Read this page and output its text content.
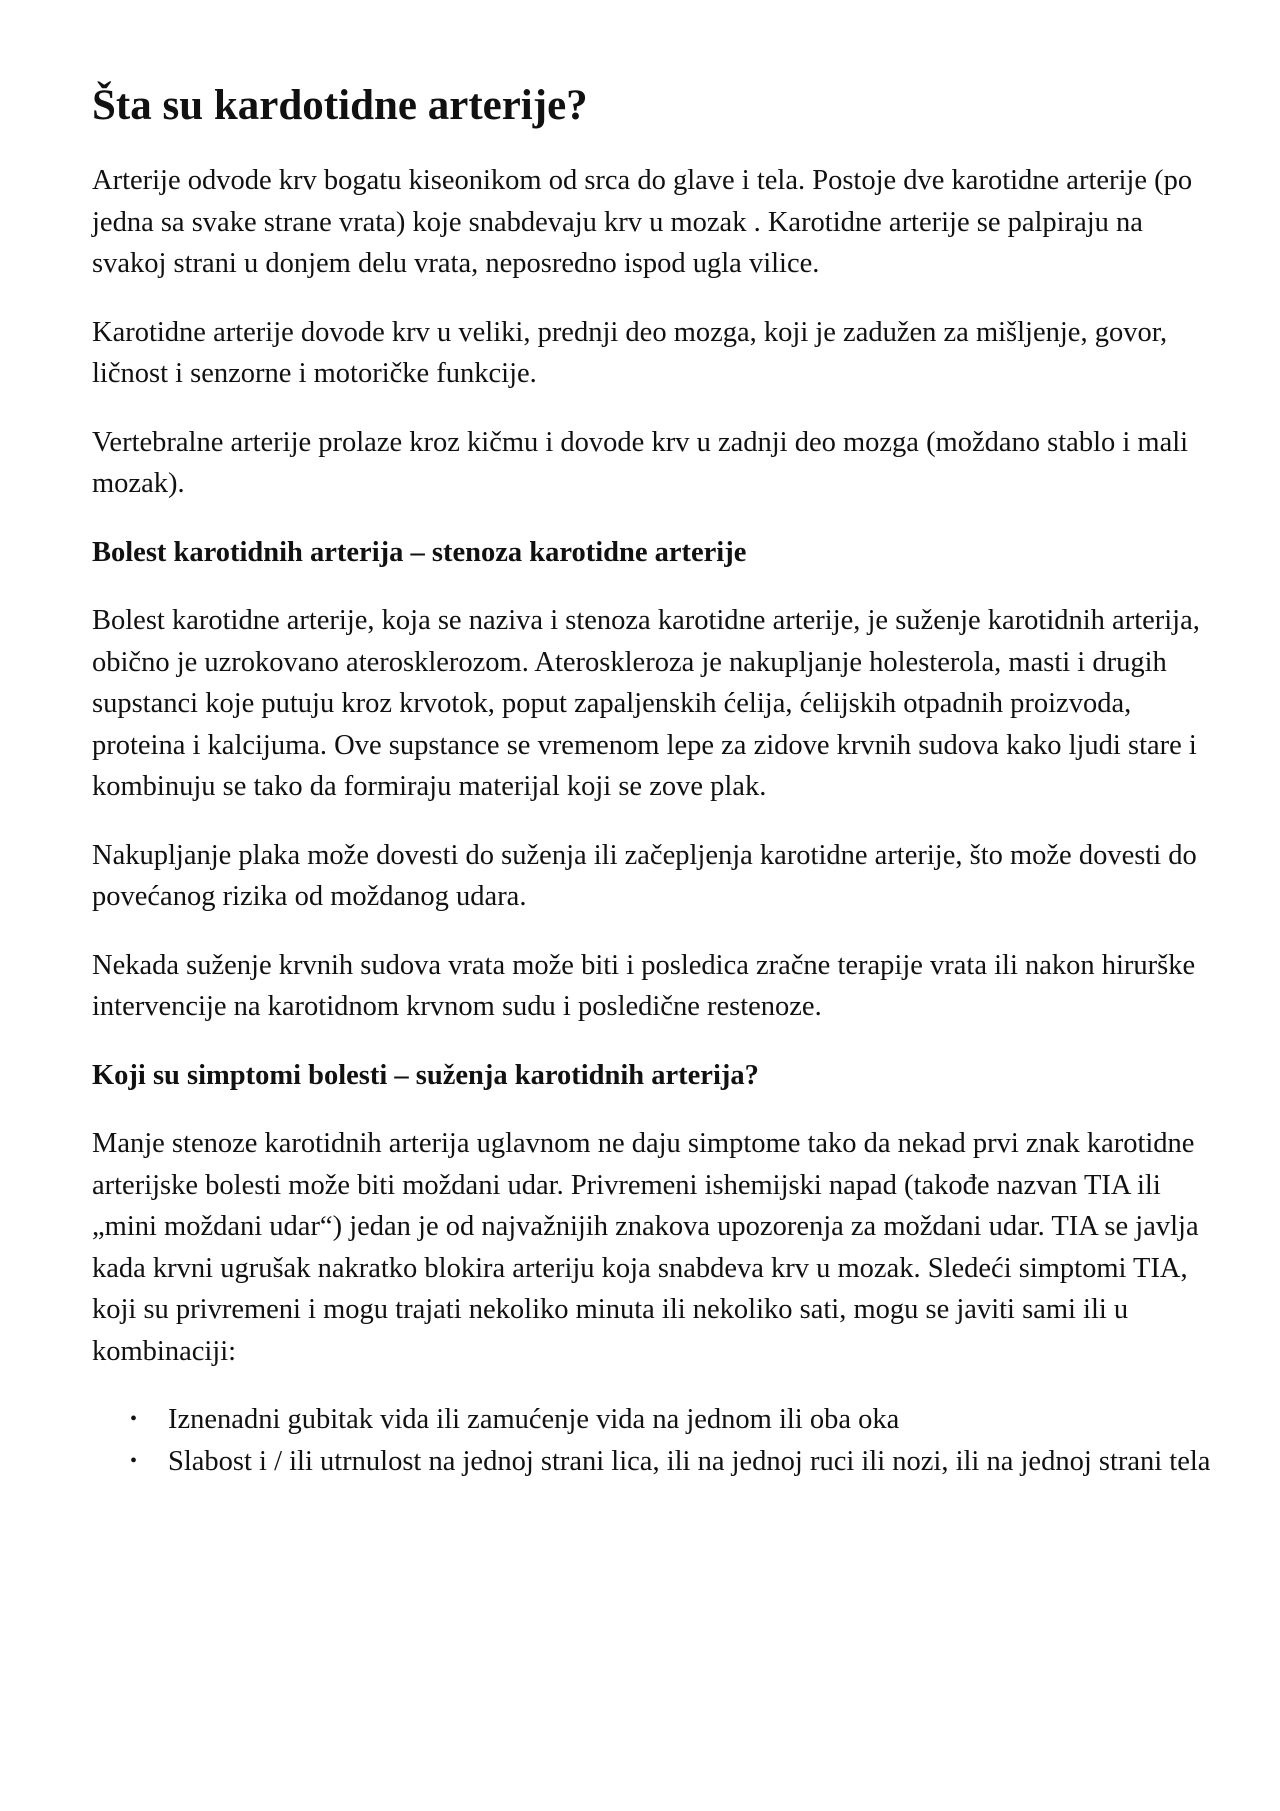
Šta su kardotidne arterije?

Arterije odvode krv bogatu kiseonikom od srca do glave i tela. Postoje dve karotidne arterije (po jedna sa svake strane vrata) koje snabdevaju krv u mozak . Karotidne arterije se palpiraju na svakoj strani u donjem delu vrata, neposredno ispod ugla vilice.

Karotidne arterije dovode krv u veliki, prednji deo mozga, koji je zadužen za mišljenje, govor, ličnost i senzorne i motoričke funkcije.

Vertebralne arterije prolaze kroz kičmu i dovode krv u zadnji deo mozga (moždano stablo i mali mozak).

Bolest karotidnih arterija – stenoza karotidne arterije

Bolest karotidne arterije, koja se naziva i stenoza karotidne arterije, je suženje karotidnih arterija, obično je uzrokovano aterosklerozom. Ateroskleroza je nakupljanje holesterola, masti i drugih supstanci koje putuju kroz krvotok, poput zapaljenskih ćelija, ćelijskih otpadnih proizvoda, proteina i kalcijuma. Ove supstance se vremenom lepe za zidove krvnih sudova kako ljudi stare i kombinuju se tako da formiraju materijal koji se zove plak.

Nakupljanje plaka može dovesti do suženja ili začepljenja karotidne arterije, što može dovesti do povećanog rizika od moždanog udara.

Nekada suženje krvnih sudova vrata može biti i posledica zračne terapije vrata ili nakon hirurške intervencije na karotidnom krvnom sudu i posledične restenoze.

Koji su simptomi bolesti – suženja karotidnih arterija?

Manje stenoze karotidnih arterija uglavnom ne daju simptome tako da nekad prvi znak karotidne arterijske bolesti može biti moždani udar. Privremeni ishemijski napad (takođe nazvan TIA ili „mini moždani udar“) jedan je od najvažnijih znakova upozorenja za moždani udar. TIA se javlja kada krvni ugrušak nakratko blokira arteriju koja snabdeva krv u mozak. Sledeći simptomi TIA, koji su privremeni i mogu trajati nekoliko minuta ili nekoliko sati, mogu se javiti sami ili u kombinaciji:

• Iznenadni gubitak vida ili zamućenje vida na jednom ili oba oka
• Slabost i / ili utrnulost na jednoj strani lica, ili na jednoj ruci ili nozi, ili na jednoj strani tela
